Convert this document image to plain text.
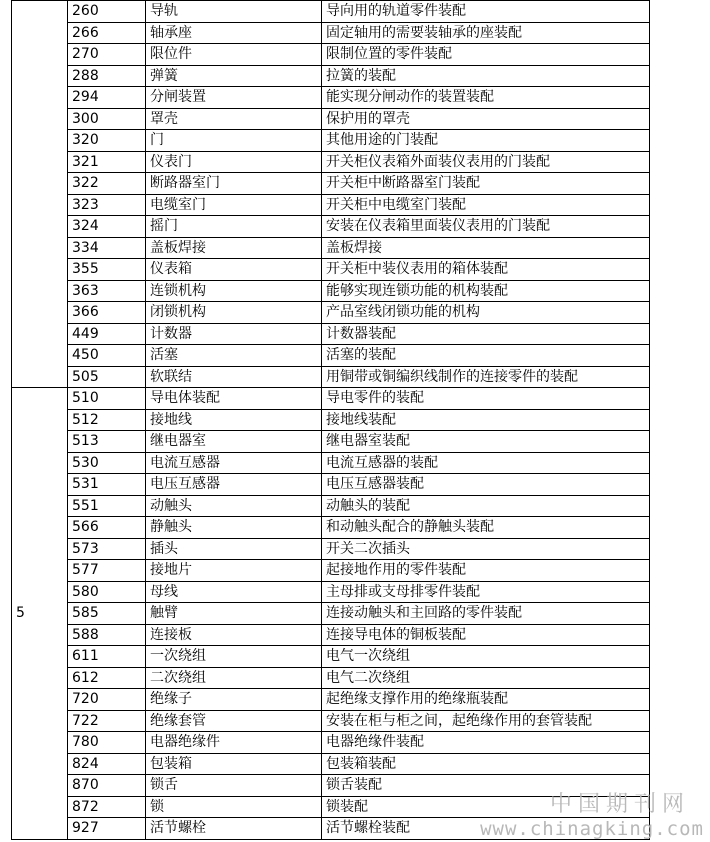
	260	导轨	导向用的轨道零件装配
	266	轴承座	固定轴用的需要装轴承的座装配
	270	限位件	限制位置的零件装配
	288	弹簧	拉簧的装配
	294	分闸装置	能实现分闸动作的装置装配
	300	罩壳	保护用的罩壳
	320	门	其他用途的门装配
	321	仪表门	开关柜仪表箱外面装仪表用的门装配
	322	断路器室门	开关柜中断路器室门装配
	323	电缆室门	开关柜中电缆室门装配
	324	摇门	安装在仪表箱里面装仪表用的门装配
	334	盖板焊接	盖板焊接
	355	仪表箱	开关柜中装仪表用的箱体装配
	363	连锁机构	能够实现连锁功能的机构装配
	366	闭锁机构	产品室线闭锁功能的机构
	449	计数器	计数器装配
	450	活塞	活塞的装配
	505	软联结	用铜带或铜编织线制作的连接零件的装配
5	510	导电体装配	导电零件的装配
	512	接地线	接地线装配
	513	继电器室	继电器室装配
	530	电流互感器	电流互感器的装配
	531	电压互感器	电压互感器装配
	551	动触头	动触头的装配
	566	静触头	和动触头配合的静触头装配
	573	插头	开关二次插头
	577	接地片	起接地作用的零件装配
	580	母线	主母排或支母排零件装配
	585	触臂	连接动触头和主回路的零件装配
	588	连接板	连接导电体的铜板装配
	611	一次绕组	电气一次绕组
	612	二次绕组	电气二次绕组
	720	绝缘子	起绝缘支撑作用的绝缘瓶装配
	722	绝缘套管	安装在柜与柜之间，起绝缘作用的套管装配
	780	电器绝缘件	电器绝缘件装配
	824	包装箱	包装箱装配
	870	锁舌	锁舌装配
	872	锁	锁装配
	927	活节螺栓	活节螺栓装配
中国期刊网
www.chinagking.com
